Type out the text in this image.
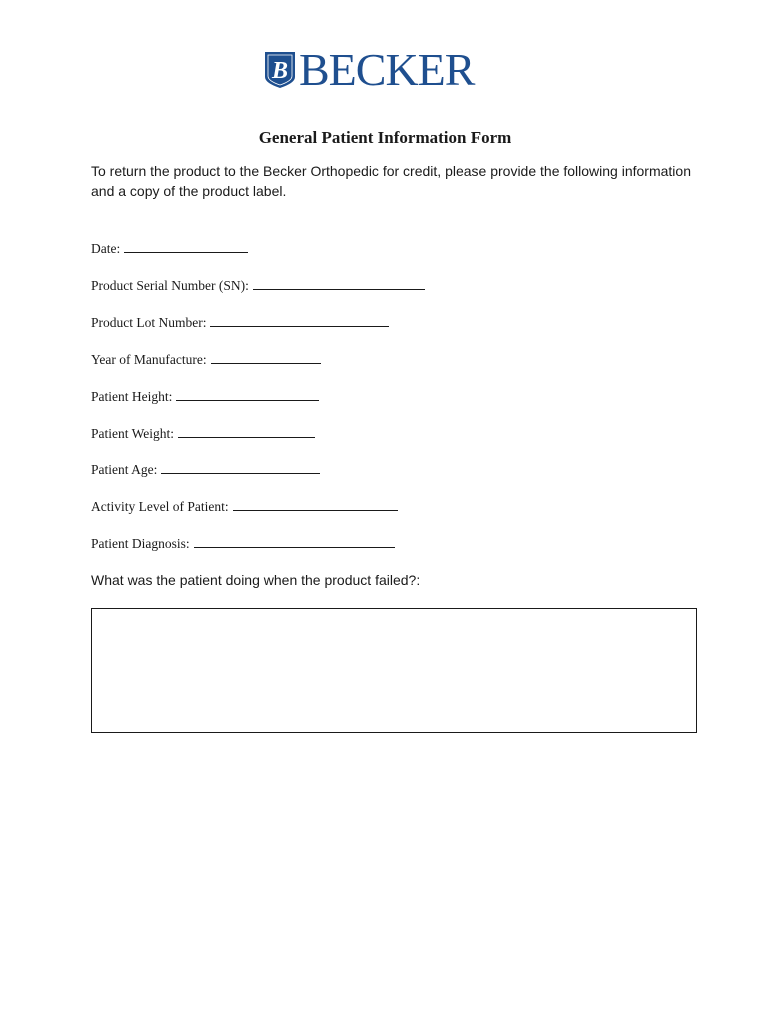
B BECKER
General Patient Information Form
To return the product to the Becker Orthopedic for credit, please provide the following information and a copy of the product label.
Date:
Product Serial Number (SN):
Product Lot Number:
Year of Manufacture:
Patient Height:
Patient Weight:
Patient Age:
Activity Level of Patient:
Patient Diagnosis:
What was the patient doing when the product failed?:
